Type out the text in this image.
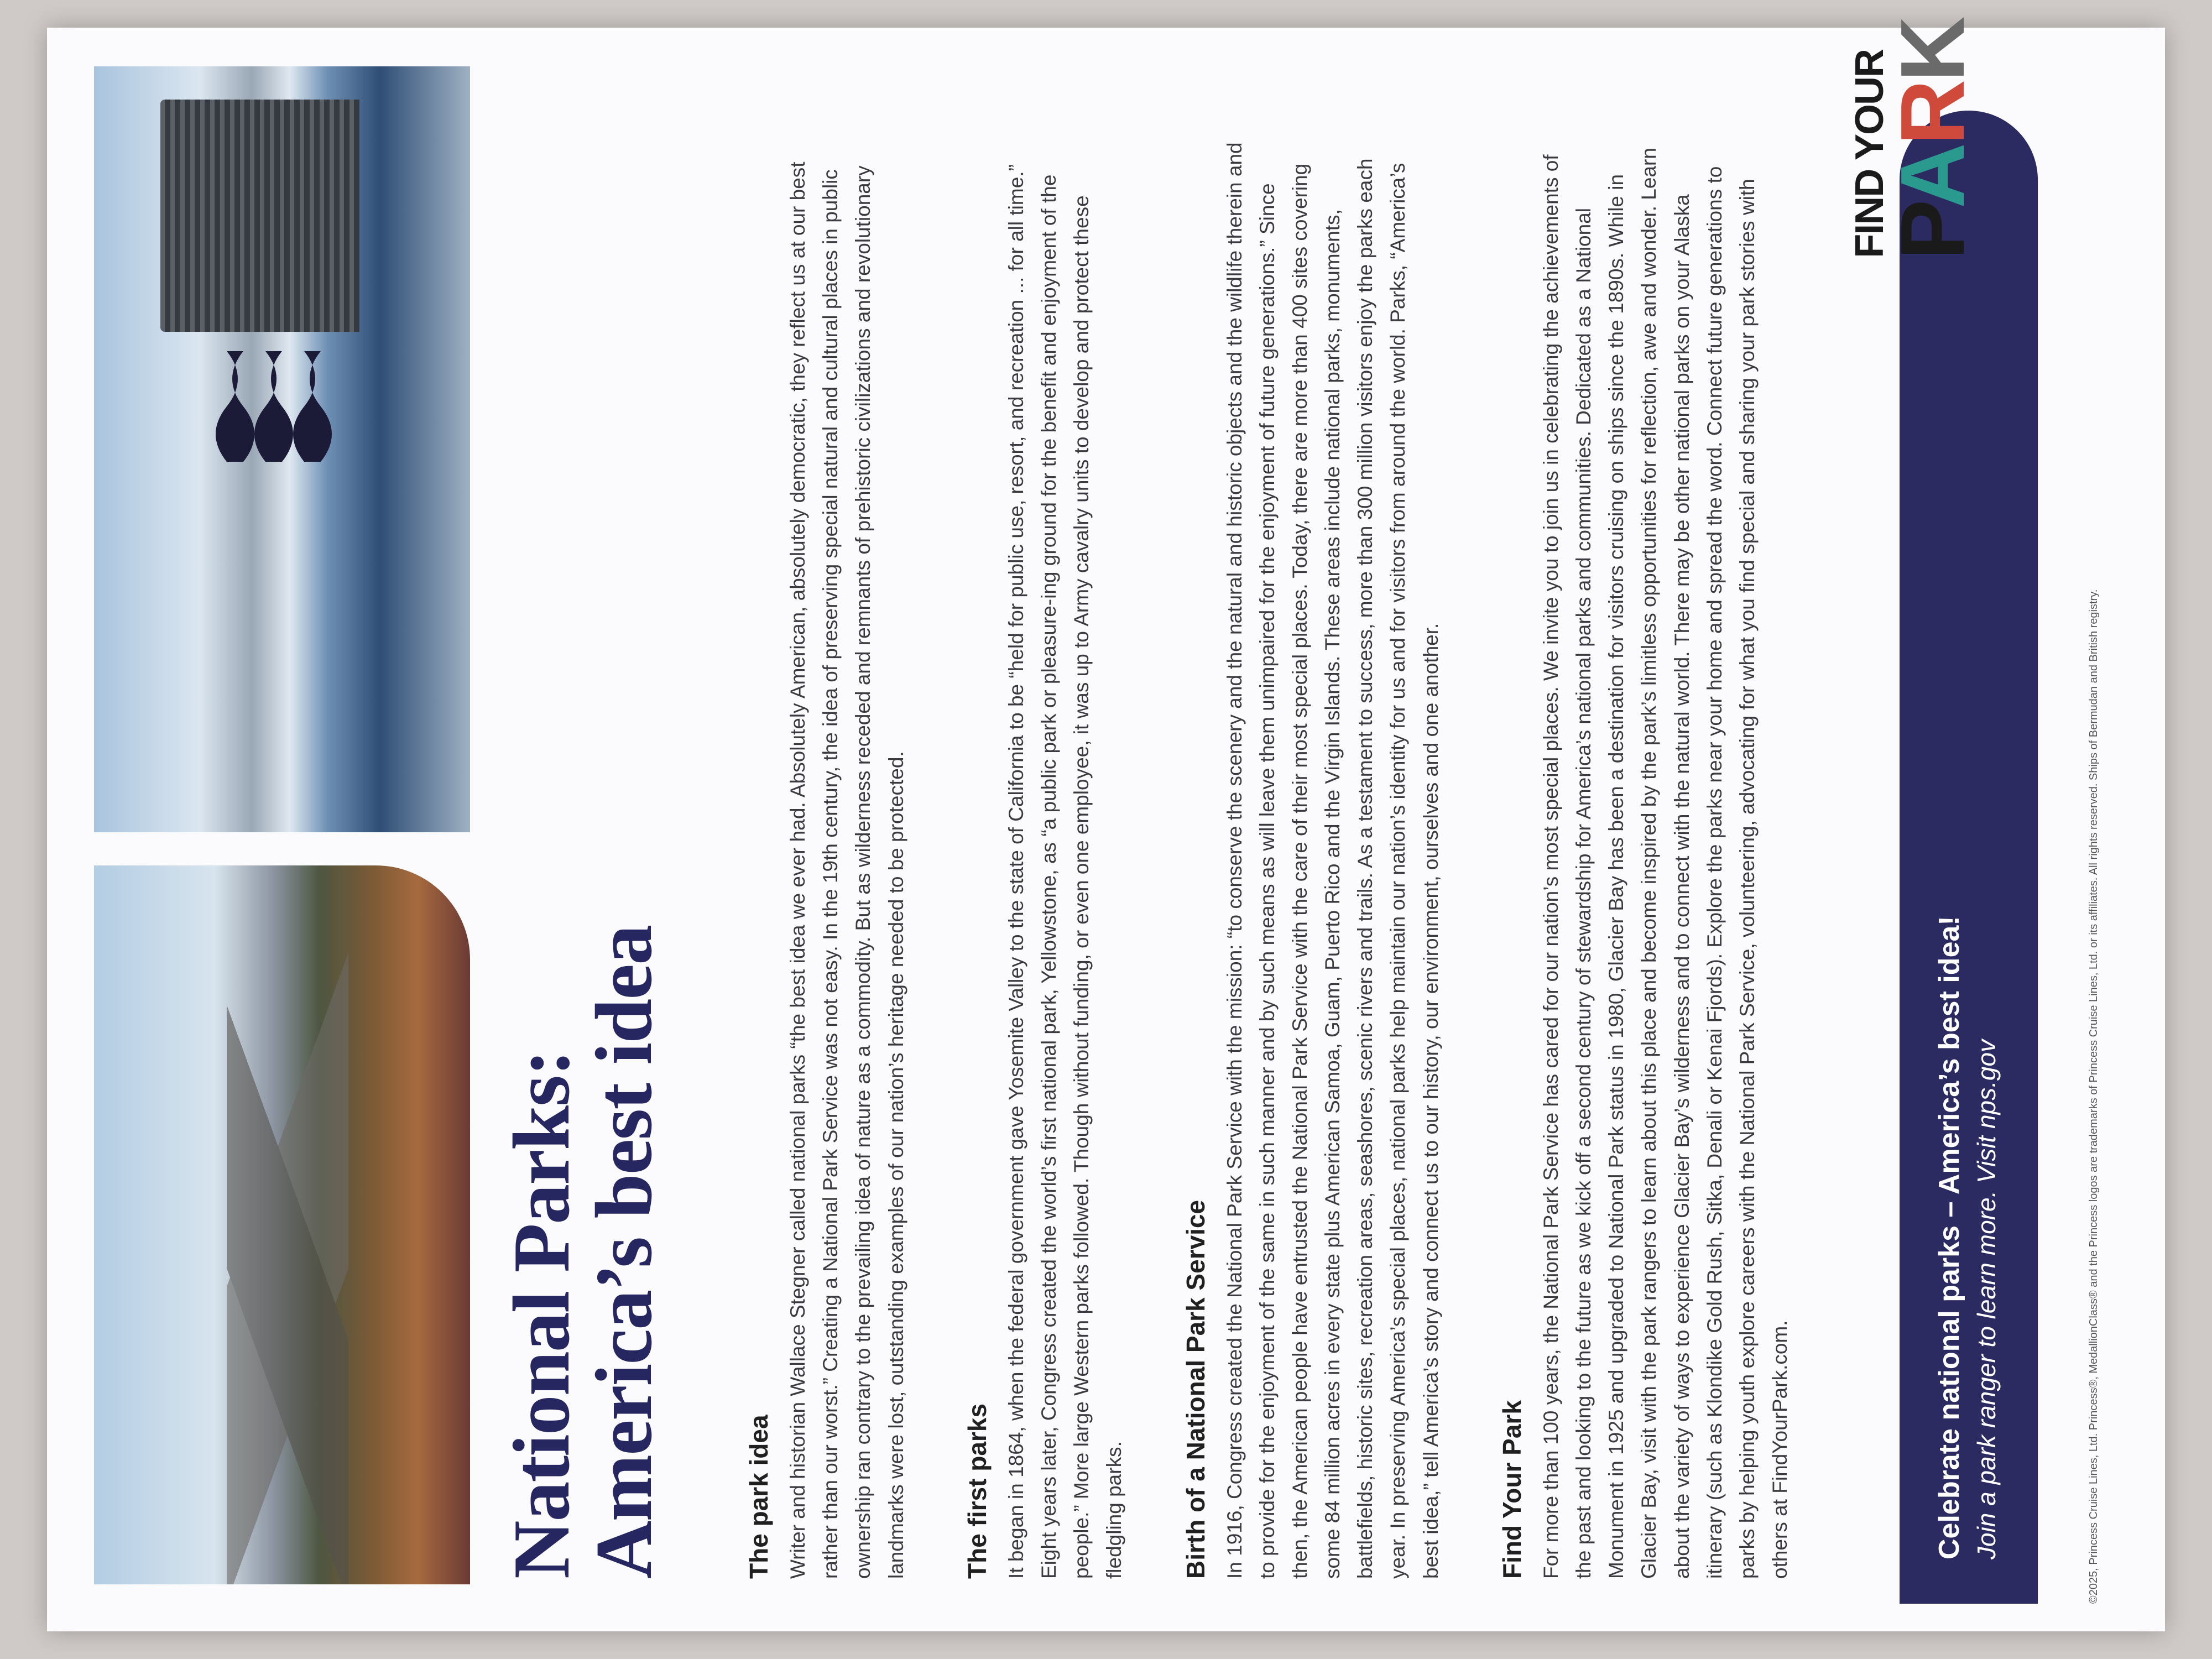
National Parks:
America’s best idea	The park idea Writer and historian Wallace Stegner called national parks “the best idea we ever had. Absolutely American, absolutely democratic, they reflect us at our best rather than our worst.” Creating a National Park Service was not easy. In the 19th century, the idea of preserving special natural and cultural places in public ownership ran contrary to the prevailing idea of nature as a commodity. But as wilderness receded and remnants of prehistoric civilizations and revolutionary landmarks were lost, outstanding examples of our nation’s heritage needed to be protected. The first parks It began in 1864, when the federal government gave Yosemite Valley to the state of California to be “held for public use, resort, and recreation ... for all time.” Eight years later, Congress created the world’s first national park, Yellowstone, as “a public park or pleasure-ing ground for the benefit and enjoyment of the people.” More large Western parks followed. Though without funding, or even one employee, it was up to Army cavalry units to develop and protect these fledgling parks. Birth of a National Park Service In 1916, Congress created the National Park Service with the mission: “to conserve the scenery and the natural and historic objects and the wildlife therein and to provide for the enjoyment of the same in such manner and by such means as will leave them unimpaired for the enjoyment of future generations.” Since then, the American people have entrusted the National Park Service with the care of their most special places. Today, there are more than 400 sites covering some 84 million acres in every state plus American Samoa, Guam, Puerto Rico and the Virgin Islands. These areas include national parks, monuments, battlefields, historic sites, recreation areas, seashores, scenic rivers and trails. As a testament to success, more than 300 million visitors enjoy the parks each year. In preserving America’s special places, national parks help maintain our nation’s identity for us and for visitors from around the world. Parks, “America’s best idea,” tell America’s story and connect us to our history, our environment, ourselves and one another. Find Your Park For more than 100 years, the National Park Service has cared for our nation’s most special places. We invite you to join us in celebrating the achievements of the past and looking to the future as we kick off a second century of stewardship for America’s national parks and communities. Dedicated as a National Monument in 1925 and upgraded to National Park status in 1980, Glacier Bay has been a destination for visitors cruising on ships since the 1890s. While in Glacier Bay, visit with the park rangers to learn about this place and become inspired by the park’s limitless opportunities for reflection, awe and wonder. Learn about the variety of ways to experience Glacier Bay’s wilderness and to connect with the natural world. There may be other national parks on your Alaska itinerary (such as Klondike Gold Rush, Sitka, Denali or Kenai Fjords). Explore the parks near your home and spread the word. Connect future generations to parks by helping youth explore careers with the National Park Service, volunteering, advocating for what you find special and sharing your park stories with others at FindYourPark.com.	Celebrate national parks – America’s best idea! Join a park ranger to learn more. Visit nps.gov
FIND YOUR
PARK
©2025, Princess Cruise Lines, Ltd. Princess®, MedallionClass® and the Princess logos are trademarks of Princess Cruise Lines, Ltd. or its affiliates. All rights reserved. Ships of Bermudan and British registry.
